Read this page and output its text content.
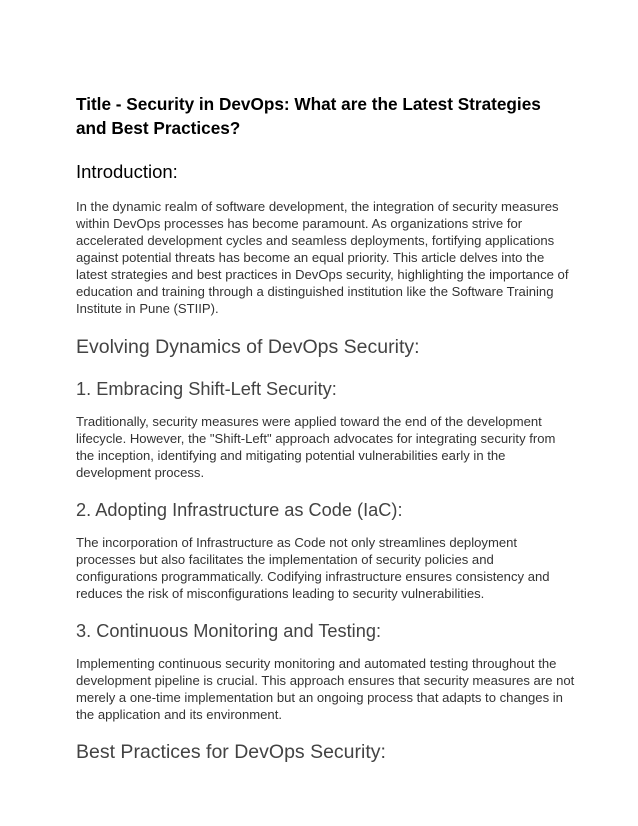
Title - Security in DevOps: What are the Latest Strategies and Best Practices?
Introduction:

In the dynamic realm of software development, the integration of security measures within DevOps processes has become paramount. As organizations strive for accelerated development cycles and seamless deployments, fortifying applications against potential threats has become an equal priority. This article delves into the latest strategies and best practices in DevOps security, highlighting the importance of education and training through a distinguished institution like the Software Training Institute in Pune (STIIP).

Evolving Dynamics of DevOps Security:
1. Embracing Shift-Left Security:

Traditionally, security measures were applied toward the end of the development lifecycle. However, the "Shift-Left" approach advocates for integrating security from the inception, identifying and mitigating potential vulnerabilities early in the development process.

2. Adopting Infrastructure as Code (IaC):

The incorporation of Infrastructure as Code not only streamlines deployment processes but also facilitates the implementation of security policies and configurations programmatically. Codifying infrastructure ensures consistency and reduces the risk of misconfigurations leading to security vulnerabilities.

3. Continuous Monitoring and Testing:

Implementing continuous security monitoring and automated testing throughout the development pipeline is crucial. This approach ensures that security measures are not merely a one-time implementation but an ongoing process that adapts to changes in the application and its environment.

Best Practices for DevOps Security:
